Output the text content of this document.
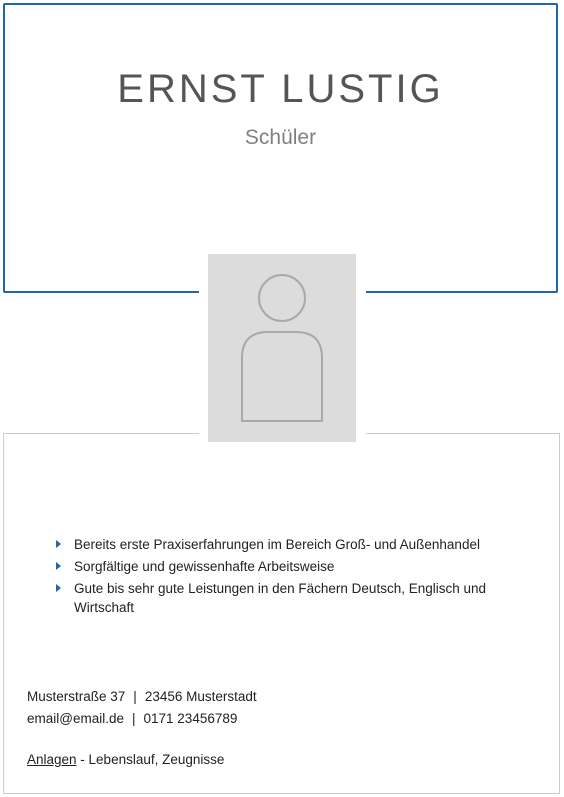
ERNST LUSTIG
Schüler
Bereits erste Praxiserfahrungen im Bereich Groß- und Außenhandel
Sorgfältige und gewissenhafte Arbeitsweise
Gute bis sehr gute Leistungen in den Fächern Deutsch, Englisch und Wirtschaft
Musterstraße 37 | 23456 Musterstadt
email@email.de | 0171 23456789
Anlagen - Lebenslauf, Zeugnisse
